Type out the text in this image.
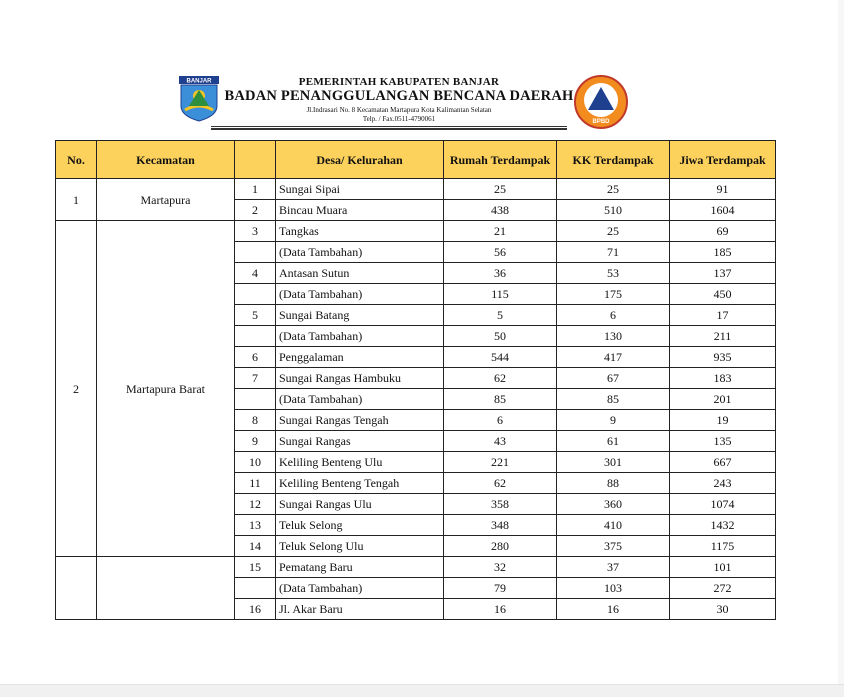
BANJAR	PEMERINTAH KABUPATEN BANJAR
BADAN PENANGGULANGAN BENCANA DAERAH
Jl.Indrasari No. 8 Kecamatan Martapura Kota Kalimantan Selatan
Telp. / Fax.0511-4790061	BPBD
No.	Kecamatan		Desa/ Kelurahan	Rumah Terdampak	KK Terdampak	Jiwa Terdampak
1	Martapura	1	Sungai Sipai	25	25	91
		2	Bincau Muara	438	510	1604
2	Martapura Barat	3	Tangkas	21	25	69
			(Data Tambahan)	56	71	185
		4	Antasan Sutun	36	53	137
			(Data Tambahan)	115	175	450
		5	Sungai Batang	5	6	17
			(Data Tambahan)	50	130	211
		6	Penggalaman	544	417	935
		7	Sungai Rangas Hambuku	62	67	183
			(Data Tambahan)	85	85	201
		8	Sungai Rangas Tengah	6	9	19
		9	Sungai Rangas	43	61	135
		10	Keliling Benteng Ulu	221	301	667
		11	Keliling Benteng Tengah	62	88	243
		12	Sungai Rangas Ulu	358	360	1074
		13	Teluk Selong	348	410	1432
		14	Teluk Selong Ulu	280	375	1175
		15	Pematang Baru	32	37	101
			(Data Tambahan)	79	103	272
		16	Jl. Akar Baru	16	16	30
